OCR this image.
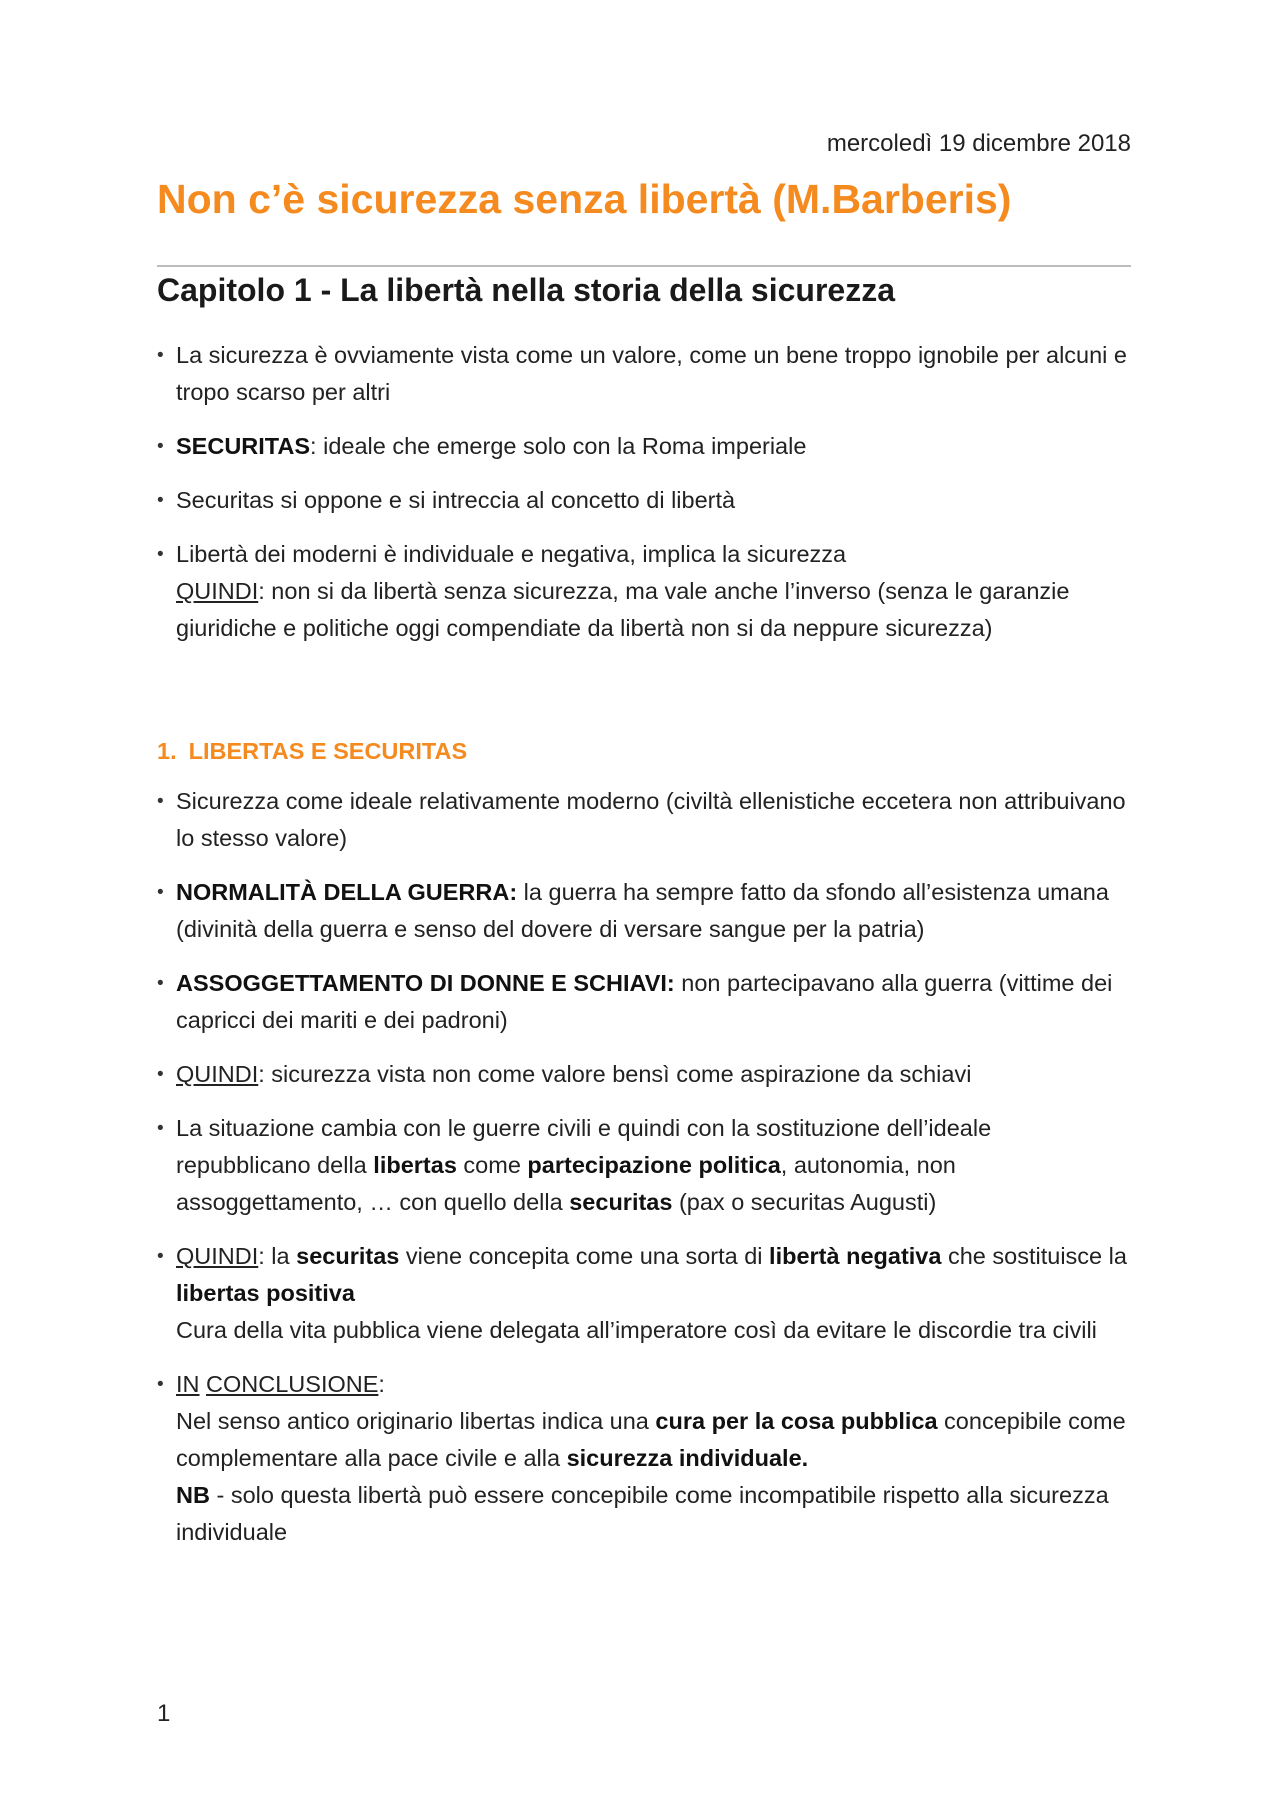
mercoledì 19 dicembre 2018
Non c’è sicurezza senza libertà (M.Barberis)
Capitolo 1 - La libertà nella storia della sicurezza
• La sicurezza è ovviamente vista come un valore, come un bene troppo ignobile per alcuni e tropo scarso per altri
• SECURITAS: ideale che emerge solo con la Roma imperiale
• Securitas si oppone e si intreccia al concetto di libertà
• Libertà dei moderni è individuale e negativa, implica la sicurezza
QUINDI: non si da libertà senza sicurezza, ma vale anche l’inverso (senza le garanzie giuridiche e politiche oggi compendiate da libertà non si da neppure sicurezza)
1. LIBERTAS E SECURITAS
• Sicurezza come ideale relativamente moderno (civiltà ellenistiche eccetera non attribuivano lo stesso valore)
• NORMALITÀ DELLA GUERRA: la guerra ha sempre fatto da sfondo all’esistenza umana (divinità della guerra e senso del dovere di versare sangue per la patria)
• ASSOGGETTAMENTO DI DONNE E SCHIAVI: non partecipavano alla guerra (vittime dei capricci dei mariti e dei padroni)
• QUINDI: sicurezza vista non come valore bensì come aspirazione da schiavi
• La situazione cambia con le guerre civili e quindi con la sostituzione dell’ideale repubblicano della libertas come partecipazione politica, autonomia, non assoggettamento, … con quello della securitas (pax o securitas Augusti)
• QUINDI: la securitas viene concepita come una sorta di libertà negativa che sostituisce la libertas positiva
Cura della vita pubblica viene delegata all’imperatore così da evitare le discordie tra civili
• IN CONCLUSIONE:
Nel senso antico originario libertas indica una cura per la cosa pubblica concepibile come complementare alla pace civile e alla sicurezza individuale.
NB - solo questa libertà può essere concepibile come incompatibile rispetto alla sicurezza individuale
1
